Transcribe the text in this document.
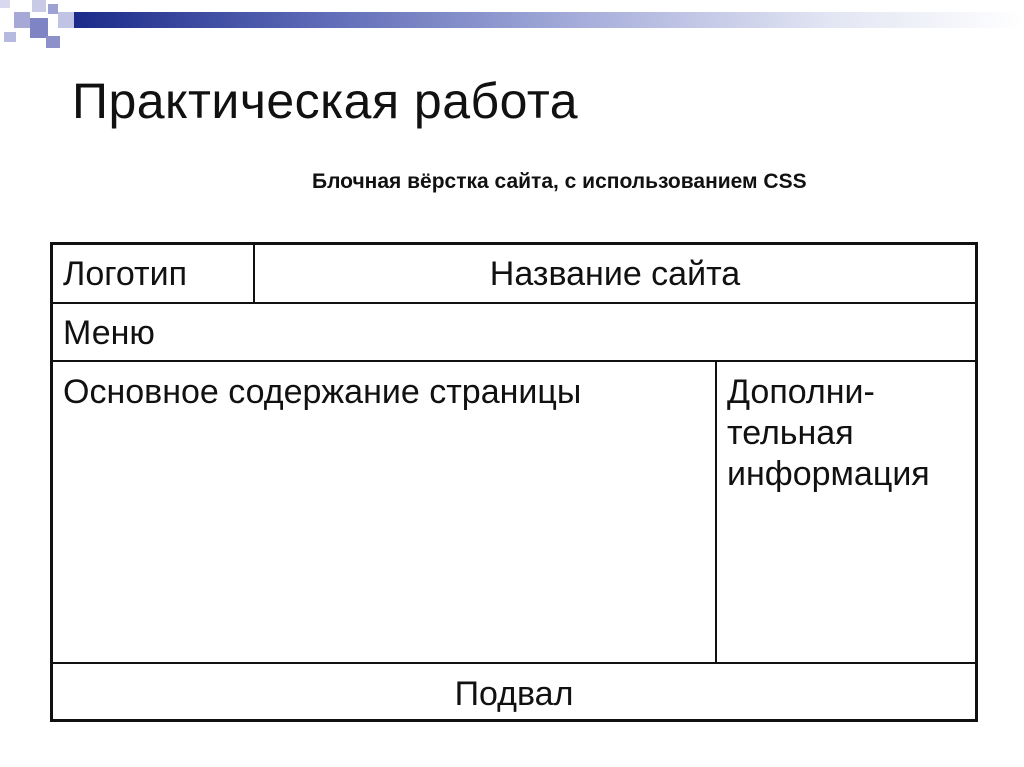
Практическая работа

Блочная вёрстка сайта, с использованием CSS

Логотип	Название сайта
Меню
Основное содержание страницы	Дополни-
тельная
информация
Подвал
